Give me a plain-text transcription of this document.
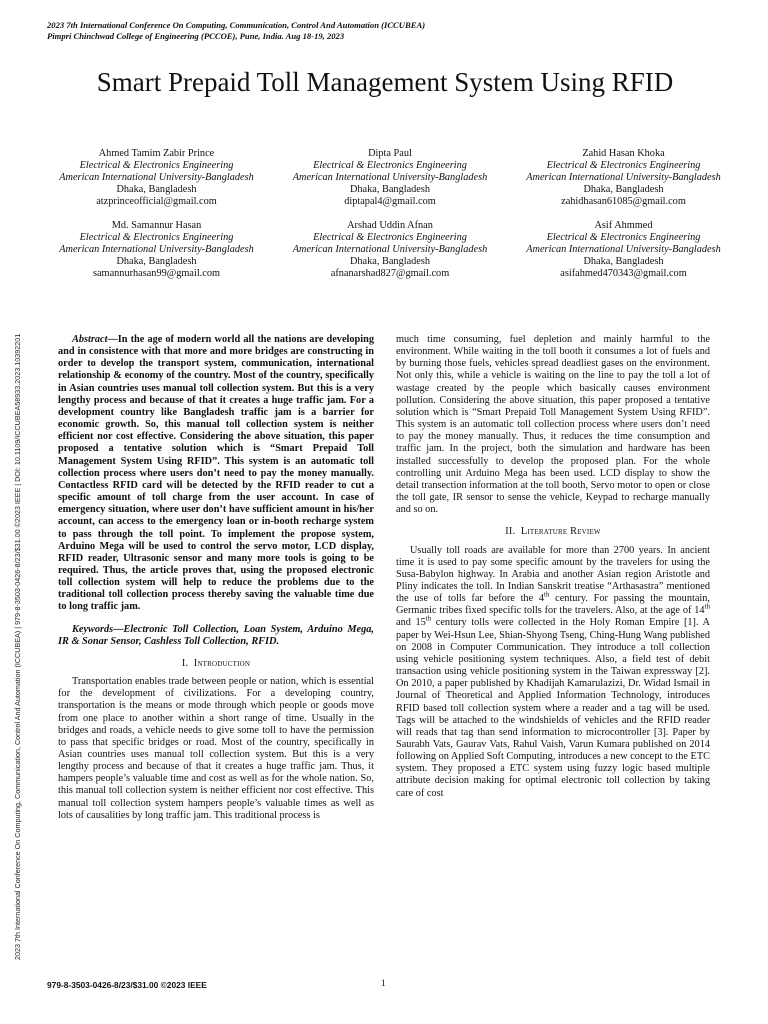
2023 7th International Conference On Computing, Communication, Control And Automation (ICCUBEA)
Pimpri Chinchwad College of Engineering (PCCOE), Pune, India. Aug 18-19, 2023
Smart Prepaid Toll Management System Using RFID
Ahmed Tamim Zabir Prince
Electrical & Electronics Engineering
American International University-Bangladesh
Dhaka, Bangladesh
atzprinceofficial@gmail.com
Dipta Paul
Electrical & Electronics Engineering
American International University-Bangladesh
Dhaka, Bangladesh
diptapal4@gmail.com
Zahid Hasan Khoka
Electrical & Electronics Engineering
American International University-Bangladesh
Dhaka, Bangladesh
zahidhasan61085@gmail.com
Md. Samannur Hasan
Electrical & Electronics Engineering
American International University-Bangladesh
Dhaka, Bangladesh
samannurhasan99@gmail.com
Arshad Uddin Afnan
Electrical & Electronics Engineering
American International University-Bangladesh
Dhaka, Bangladesh
afnanarshad827@gmail.com
Asif Ahmmed
Electrical & Electronics Engineering
American International University-Bangladesh
Dhaka, Bangladesh
asifahmed470343@gmail.com

Abstract—In the age of modern world all the nations are developing and in consistence with that more and more bridges are constructing in order to develop the transport system, communication, international relationship & economy of the country. Most of the country, specifically in Asian countries uses manual toll collection system. But this is a very lengthy process and because of that it creates a huge traffic jam. For a development country like Bangladesh traffic jam is a barrier for economic growth. So, this manual toll collection system is neither efficient nor cost effective. Considering the above situation, this paper proposed a tentative solution which is “Smart Prepaid Toll Management System Using RFID”. This system is an automatic toll collection process where users don’t need to pay the money manually. Contactless RFID card will be detected by the RFID reader to cut a specific amount of toll charge from the user account. In case of emergency situation, where user don’t have sufficient amount in his/her account, can access to the emergency loan or in-booth recharge system to pass through the toll point. To implement the propose system, Arduino Mega will be used to control the servo motor, LCD display, RFID reader, Ultrasonic sensor and many more tools is going to be required. Thus, the article proves that, using the proposed electronic toll collection system will help to reduce the problems due to the traditional toll collection process thereby saving the valuable time due to long traffic jam.

Keywords—Electronic Toll Collection, Loan System, Arduino Mega, IR & Sonar Sensor, Cashless Toll Collection, RFID.

I. Introduction

Transportation enables trade between people or nation, which is essential for the development of civilizations. For a developing country, transportation is the means or mode through which people or goods move from one place to another within a short range of time. Usually in the bridges and roads, a vehicle needs to give some toll to have the permission to pass that specific bridges or road. Most of the country, specifically in Asian countries uses manual toll collection system. But this is a very lengthy process and because of that it creates a huge traffic jam. Thus, it hampers people’s valuable time and cost as well as for the whole nation. So, this manual toll collection system is neither efficient nor cost effective. This manual toll collection system hampers people’s valuable times as well as lots of causalities by long traffic jam. This traditional process is

much time consuming, fuel depletion and mainly harmful to the environment. While waiting in the toll booth it consumes a lot of fuels and by burning those fuels, vehicles spread deadliest gases on the environment. Not only this, while a vehicle is waiting on the line to pay the toll a lot of wastage created by the people which basically causes environment pollution. Considering the above situation, this paper proposed a tentative solution which is “Smart Prepaid Toll Management System Using RFID”. This system is an automatic toll collection process where users don’t need to pay the money manually. Thus, it reduces the time consumption and traffic jam. In the project, both the simulation and hardware has been installed successfully to develop the proposed plan. For the whole controlling unit Arduino Mega has been used. LCD display to show the detail transection information at the toll booth, Servo motor to open or close the toll gate, IR sensor to sense the vehicle, Keypad to recharge manually and so on.

II. Literature Review

Usually toll roads are available for more than 2700 years. In ancient time it is used to pay some specific amount by the travelers for using the Susa-Babylon highway. In Arabia and another Asian region Aristotle and Pliny indicates the toll. In Indian Sanskrit treatise “Arthasastra” mentioned the use of tolls far before the 4th century. For passing the mountain, Germanic tribes fixed specific tolls for the travelers. Also, at the age of 14th and 15th century tolls were collected in the Holy Roman Empire [1]. A paper by Wei-Hsun Lee, Shian-Shyong Tseng, Ching-Hung Wang published on 2008 in Computer Communication. They introduce a toll collection using vehicle positioning system techniques. Also, a field test of debit transaction using vehicle positioning system in the Taiwan expressway [2]. On 2010, a paper published by Khadijah Kamarulazizi, Dr. Widad Ismail in Journal of Theoretical and Applied Information Technology, introduces RFID based toll collection system where a reader and a tag will be used. Tags will be attached to the windshields of vehicles and the RFID reader will reads that tag than send information to microcontroller [3]. Paper by Saurabh Vats, Gaurav Vats, Rahul Vaish, Varun Kumara published on 2014 following on Applied Soft Computing, introduces a new concept to the ETC system. They proposed a ETC system using fuzzy logic based multiple attribute decision making for optimal electronic toll collection by taking care of cost

2023 7th International Conference On Computing, Communication, Control And Automation (ICCUBEA) | 979-8-3503-0426-8/23/$31.00 ©2023 IEEE | DOI: 10.1109/ICCUBEA58933.2023.10392201
979-8-3503-0426-8/23/$31.00 ©2023 IEEE	1
